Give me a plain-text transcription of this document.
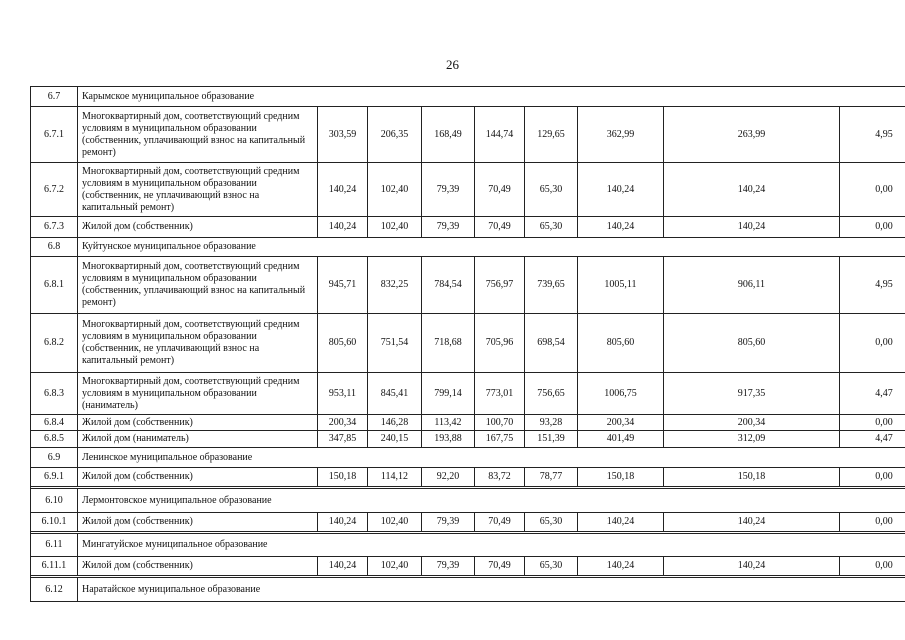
26
6.7	Карымское муниципальное образование								
6.7.1	Многоквартирный дом, соответствующий средним условиям в муниципальном образовании (собственник, уплачивающий взнос на капитальный ремонт)	303,59	206,35	168,49	144,74	129,65	362,99	263,99	4,95
6.7.2	Многоквартирный дом, соответствующий средним условиям в муниципальном образовании (собственник, не уплачивающий взнос на капитальный ремонт)	140,24	102,40	79,39	70,49	65,30	140,24	140,24	0,00
6.7.3	Жилой дом (собственник)	140,24	102,40	79,39	70,49	65,30	140,24	140,24	0,00
6.8	Куйтунское муниципальное образование								
6.8.1	Многоквартирный дом, соответствующий средним условиям в муниципальном образовании (собственник, уплачивающий взнос на капитальный ремонт)	945,71	832,25	784,54	756,97	739,65	1005,11	906,11	4,95
6.8.2	Многоквартирный дом, соответствующий средним условиям в муниципальном образовании (собственник, не уплачивающий взнос на капитальный ремонт)	805,60	751,54	718,68	705,96	698,54	805,60	805,60	0,00
6.8.3	Многоквартирный дом, соответствующий средним условиям в муниципальном образовании (наниматель)	953,11	845,41	799,14	773,01	756,65	1006,75	917,35	4,47
6.8.4	Жилой дом (собственник)	200,34	146,28	113,42	100,70	93,28	200,34	200,34	0,00
6.8.5	Жилой дом (наниматель)	347,85	240,15	193,88	167,75	151,39	401,49	312,09	4,47
6.9	Ленинское муниципальное образование								
6.9.1	Жилой дом (собственник)	150,18	114,12	92,20	83,72	78,77	150,18	150,18	0,00

6.10	Лермонтовское муниципальное образование								
6.10.1	Жилой дом (собственник)	140,24	102,40	79,39	70,49	65,30	140,24	140,24	0,00

6.11	Мингатуйское муниципальное образование								
6.11.1	Жилой дом (собственник)	140,24	102,40	79,39	70,49	65,30	140,24	140,24	0,00

6.12	Наратайское муниципальное образование								
